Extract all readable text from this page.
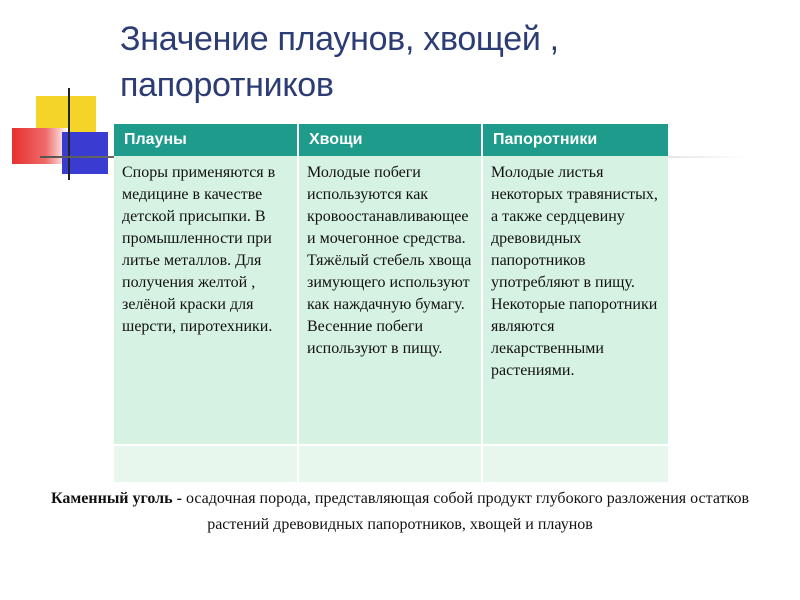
Значение плаунов, хвощей ,
папоротников
Плауны	Хвощи	Папоротники
Споры применяются в медицине в качестве детской присыпки. В промышленности при литье металлов. Для получения желтой , зелёной краски для шерсти, пиротехники.	Молодые побеги используются как кровоостанавливающее и мочегонное средства. Тяжёлый стебель хвоща зимующего используют как наждачную бумагу. Весенние побеги используют в пищу.	Молодые листья некоторых травянистых, а также сердцевину древовидных папоротников употребляют в пищу. Некоторые папоротники являются лекарственными растениями.

Каменный уголь - осадочная порода, представляющая собой продукт глубокого разложения остатков растений древовидных папоротников, хвощей и плаунов
